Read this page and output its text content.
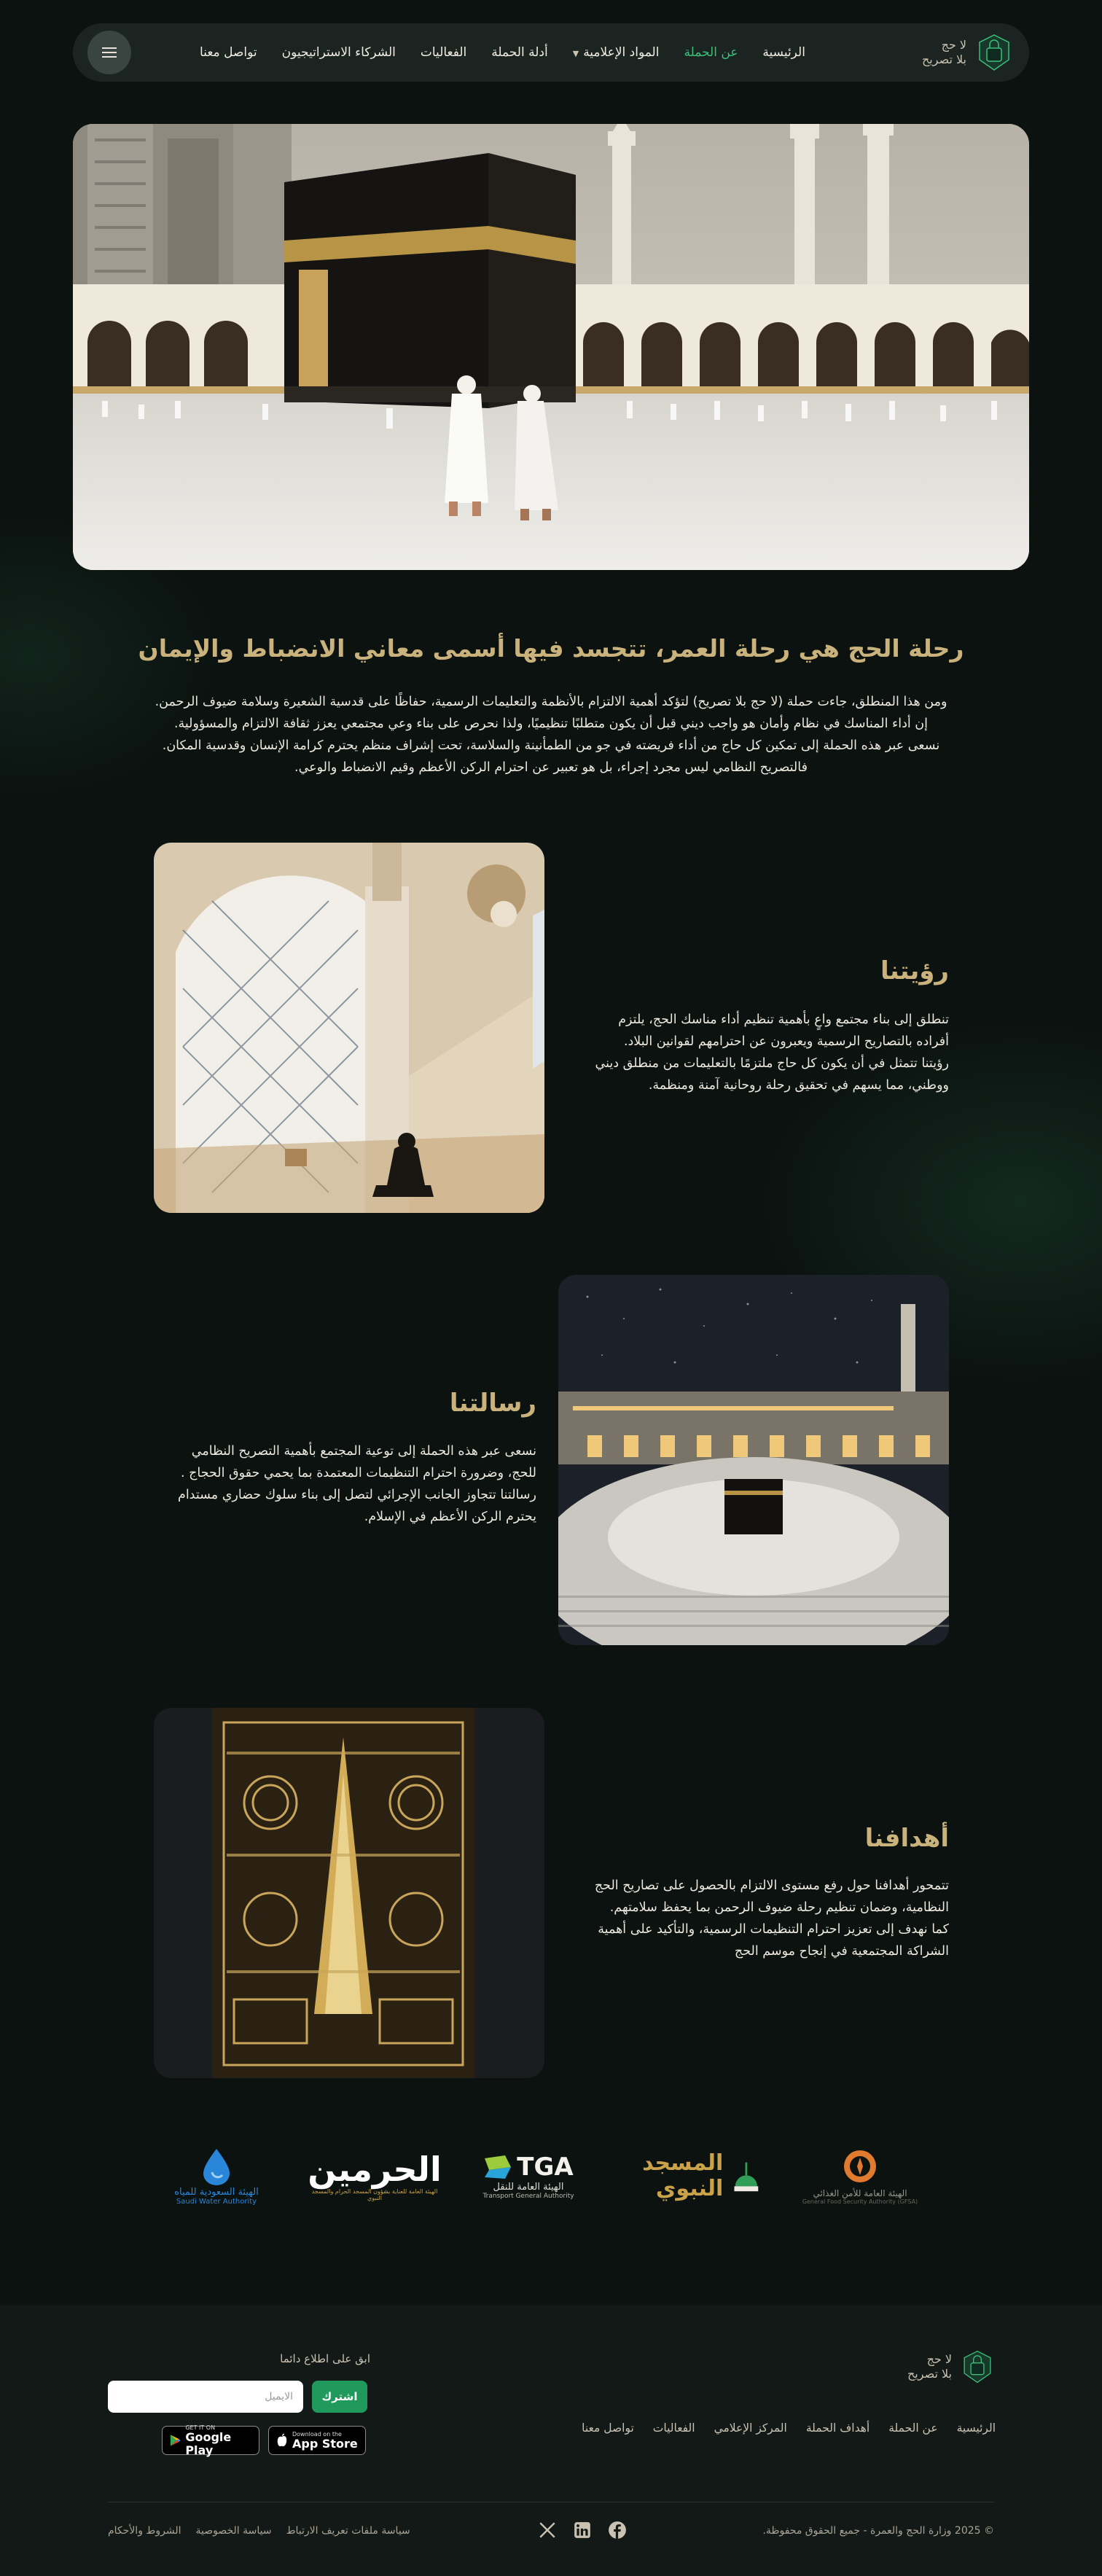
لا حج
بلا تصريح
الرئيسية
عن الحملة
المواد الإعلامية▼
أدلة الحملة
الفعاليات
الشركاء الاستراتيجيون
تواصل معنا
رحلة الحج هي رحلة العمر، تتجسد فيها أسمى معاني الانضباط والإيمان

ومن هذا المنطلق، جاءت حملة (لا حج بلا تصريح) لتؤكد أهمية الالتزام بالأنظمة والتعليمات الرسمية، حفاظًا على قدسية الشعيرة وسلامة ضيوف الرحمن.

إن أداء المناسك في نظام وأمان هو واجب ديني قبل أن يكون متطلبًا تنظيميًا، ولذا نحرص على بناء وعي مجتمعي يعزز ثقافة الالتزام والمسؤولية.

نسعى عبر هذه الحملة إلى تمكين كل حاج من أداء فريضته في جو من الطمأنينة والسلاسة، تحت إشراف منظم يحترم كرامة الإنسان وقدسية المكان.

فالتصريح النظامي ليس مجرد إجراء، بل هو تعبير عن احترام الركن الأعظم وقيم الانضباط والوعي.

رؤيتنا

تنطلق إلى بناء مجتمع واعٍ بأهمية تنظيم أداء مناسك الحج، يلتزم

أفراده بالتصاريح الرسمية ويعبرون عن احترامهم لقوانين البلاد.

رؤيتنا تتمثل في أن يكون كل حاج ملتزمًا بالتعليمات من منطلق ديني

ووطني، مما يسهم في تحقيق رحلة روحانية آمنة ومنظمة.

رسالتنا

نسعى عبر هذه الحملة إلى توعية المجتمع بأهمية التصريح النظامي

للحج، وضرورة احترام التنظيمات المعتمدة بما يحمي حقوق الحجاج .

رسالتنا تتجاوز الجانب الإجرائي لتصل إلى بناء سلوك حضاري مستدام

يحترم الركن الأعظم في الإسلام.

أهدافنا

تتمحور أهدافنا حول رفع مستوى الالتزام بالحصول على تصاريح الحج

النظامية، وضمان تنظيم رحلة ضيوف الرحمن بما يحفظ سلامتهم.

كما نهدف إلى تعزيز احترام التنظيمات الرسمية، والتأكيد على أهمية

الشراكة المجتمعية في إنجاح موسم الحج

الهيئة العامة للأمن الغذائي
General Food Security Authority (GFSA)
المسجد النبوي
TGA
الهيئة العامة للنقل
Transport General Authority
الحرمين
الهيئة العامة للعناية بشؤون المسجد الحرام والمسجد النبوي
الهيئة السعودية للمياه
Saudi Water Authority
لا حج
بلا تصريح
الرئيسية
عن الحملة
أهداف الحملة
المركز الإعلامي
الفعاليات
تواصل معنا
ابق على اطلاع دائما
الايميل
اشترك
GET IT ON
Google Play
Download on the
App Store
© 2025 وزارة الحج والعمرة - جميع الحقوق محفوظة.
الشروط والأحكام سياسة الخصوصية سياسة ملفات تعريف الارتباط
